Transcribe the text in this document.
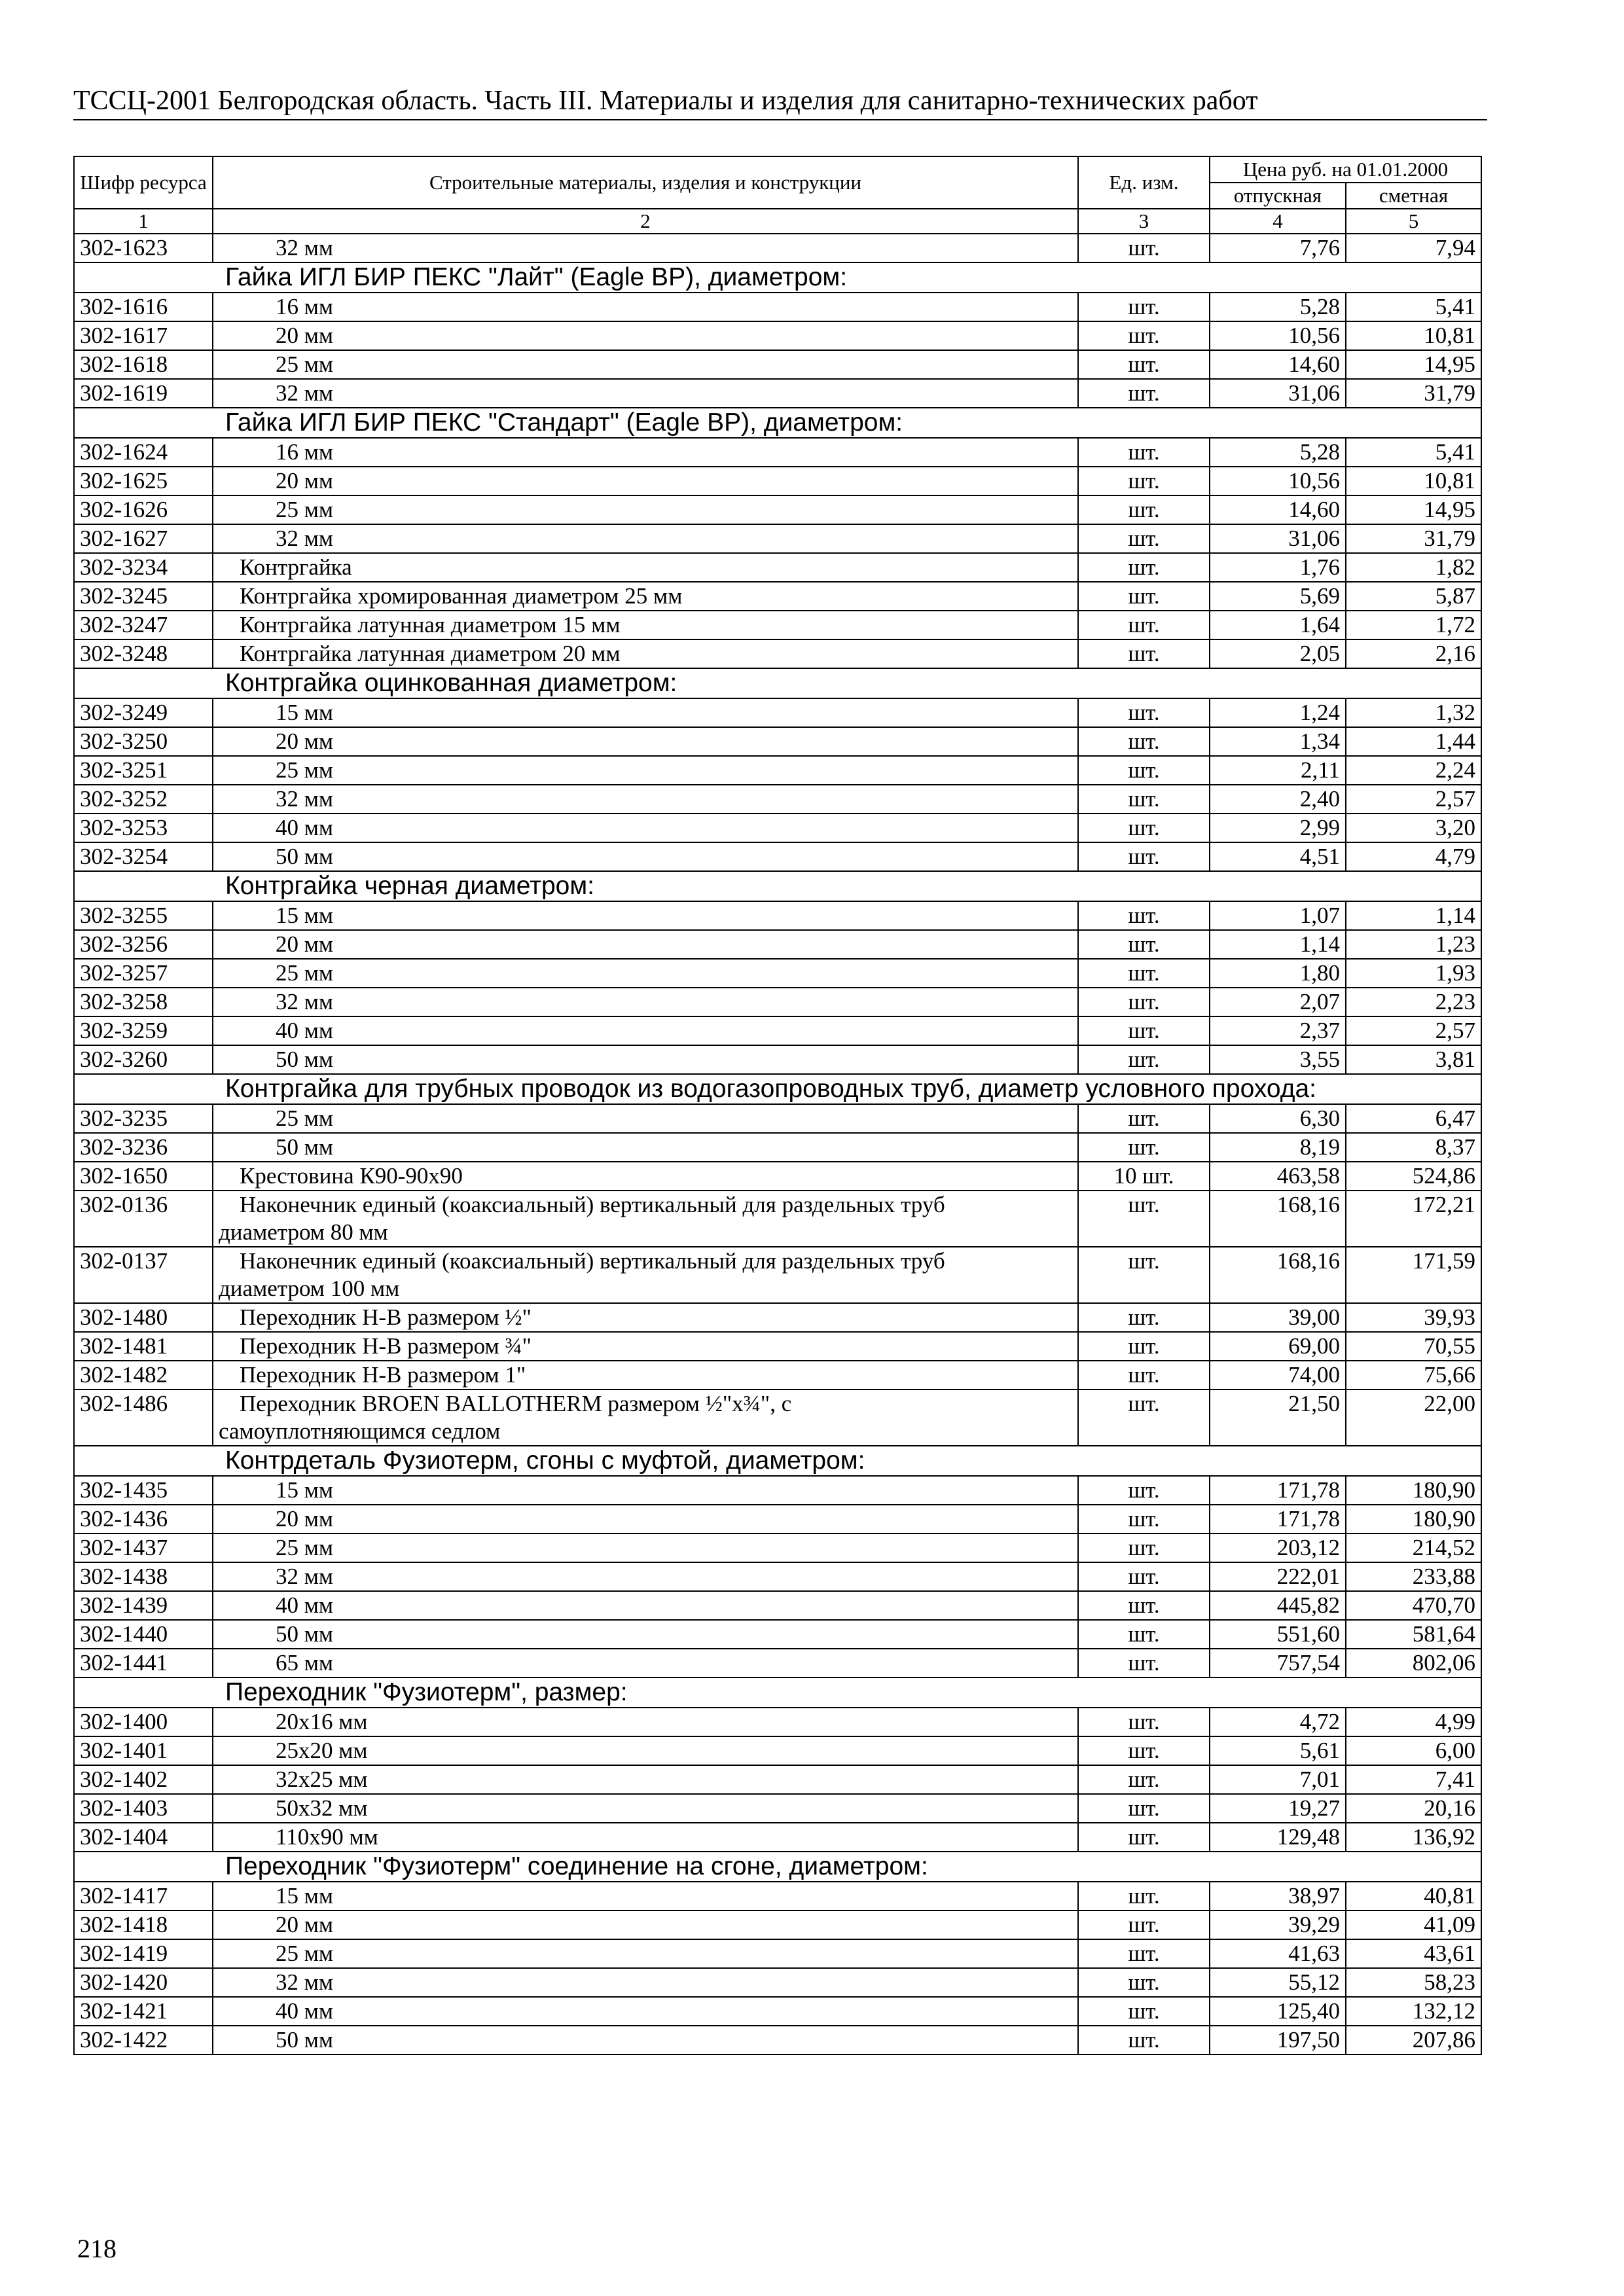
ТССЦ-2001 Белгородская область. Часть III. Материалы и изделия для санитарно-технических работ
Шифр ресурса	Строительные материалы, изделия и конструкции	Ед. изм.	Цена руб. на 01.01.2000	
			отпускная	сметная
1	2	3	4	5
302-1623	32 мм	шт.	7,76	7,94
Гайка ИГЛ БИР ПЕКС "Лайт" (Eagle BP), диаметром:				
302-1616	16 мм	шт.	5,28	5,41
302-1617	20 мм	шт.	10,56	10,81
302-1618	25 мм	шт.	14,60	14,95
302-1619	32 мм	шт.	31,06	31,79
Гайка ИГЛ БИР ПЕКС "Стандарт" (Eagle BP), диаметром:				
302-1624	16 мм	шт.	5,28	5,41
302-1625	20 мм	шт.	10,56	10,81
302-1626	25 мм	шт.	14,60	14,95
302-1627	32 мм	шт.	31,06	31,79
302-3234	Контргайка	шт.	1,76	1,82
302-3245	Контргайка хромированная диаметром 25 мм	шт.	5,69	5,87
302-3247	Контргайка латунная диаметром 15 мм	шт.	1,64	1,72
302-3248	Контргайка латунная диаметром 20 мм	шт.	2,05	2,16
Контргайка оцинкованная диаметром:				
302-3249	15 мм	шт.	1,24	1,32
302-3250	20 мм	шт.	1,34	1,44
302-3251	25 мм	шт.	2,11	2,24
302-3252	32 мм	шт.	2,40	2,57
302-3253	40 мм	шт.	2,99	3,20
302-3254	50 мм	шт.	4,51	4,79
Контргайка черная диаметром:				
302-3255	15 мм	шт.	1,07	1,14
302-3256	20 мм	шт.	1,14	1,23
302-3257	25 мм	шт.	1,80	1,93
302-3258	32 мм	шт.	2,07	2,23
302-3259	40 мм	шт.	2,37	2,57
302-3260	50 мм	шт.	3,55	3,81
Контргайка для трубных проводок из водогазопроводных труб, диаметр условного прохода:				
302-3235	25 мм	шт.	6,30	6,47
302-3236	50 мм	шт.	8,19	8,37
302-1650	Крестовина К90-90х90	10 шт.	463,58	524,86
302-0136	Наконечник единый (коаксиальный) вертикальный для раздельных труб
диаметром 80 мм	шт.	168,16	172,21
302-0137	Наконечник единый (коаксиальный) вертикальный для раздельных труб
диаметром 100 мм	шт.	168,16	171,59
302-1480	Переходник Н-В размером ½"	шт.	39,00	39,93
302-1481	Переходник Н-В размером ¾"	шт.	69,00	70,55
302-1482	Переходник Н-В размером 1"	шт.	74,00	75,66
302-1486	Переходник BROEN BALLOTHERM размером ½"х¾", с
самоуплотняющимся седлом	шт.	21,50	22,00
Контрдеталь Фузиотерм, сгоны с муфтой, диаметром:				
302-1435	15 мм	шт.	171,78	180,90
302-1436	20 мм	шт.	171,78	180,90
302-1437	25 мм	шт.	203,12	214,52
302-1438	32 мм	шт.	222,01	233,88
302-1439	40 мм	шт.	445,82	470,70
302-1440	50 мм	шт.	551,60	581,64
302-1441	65 мм	шт.	757,54	802,06
Переходник "Фузиотерм", размер:				
302-1400	20х16 мм	шт.	4,72	4,99
302-1401	25х20 мм	шт.	5,61	6,00
302-1402	32х25 мм	шт.	7,01	7,41
302-1403	50х32 мм	шт.	19,27	20,16
302-1404	110х90 мм	шт.	129,48	136,92
Переходник "Фузиотерм" соединение на сгоне, диаметром:				
302-1417	15 мм	шт.	38,97	40,81
302-1418	20 мм	шт.	39,29	41,09
302-1419	25 мм	шт.	41,63	43,61
302-1420	32 мм	шт.	55,12	58,23
302-1421	40 мм	шт.	125,40	132,12
302-1422	50 мм	шт.	197,50	207,86
218
